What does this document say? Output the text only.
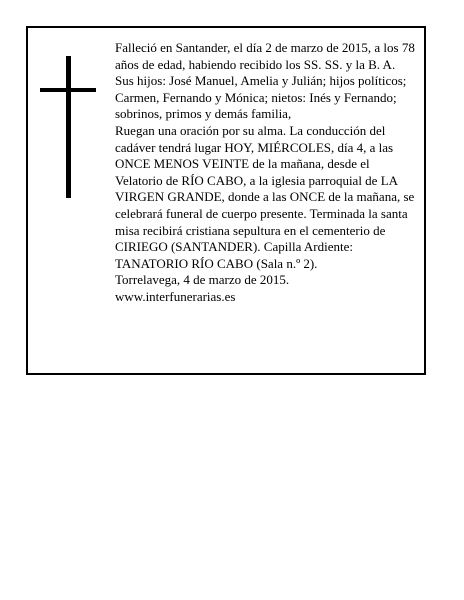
Falleció en Santander, el día 2 de marzo de 2015, a los 78 años de edad, habiendo recibido los SS. SS. y la B. A.

Sus hijos: José Manuel, Amelia y Julián; hijos políticos; Carmen, Fernando y Mónica; nietos: Inés y Fernando; sobrinos, primos y demás familia,

Ruegan una oración por su alma. La conducción del cadáver tendrá lugar HOY, MIÉRCOLES, día 4, a las ONCE MENOS VEINTE de la mañana, desde el Velatorio de RÍO CABO, a la iglesia parroquial de LA VIRGEN GRANDE, donde a las ONCE de la mañana, se celebrará funeral de cuerpo presente. Terminada la santa misa recibirá cristiana sepultura en el cementerio de CIRIEGO (SANTANDER). Capilla Ardiente: TANATORIO RÍO CABO (Sala n.º 2).

Torrelavega, 4 de marzo de 2015.

www.interfunerarias.es
